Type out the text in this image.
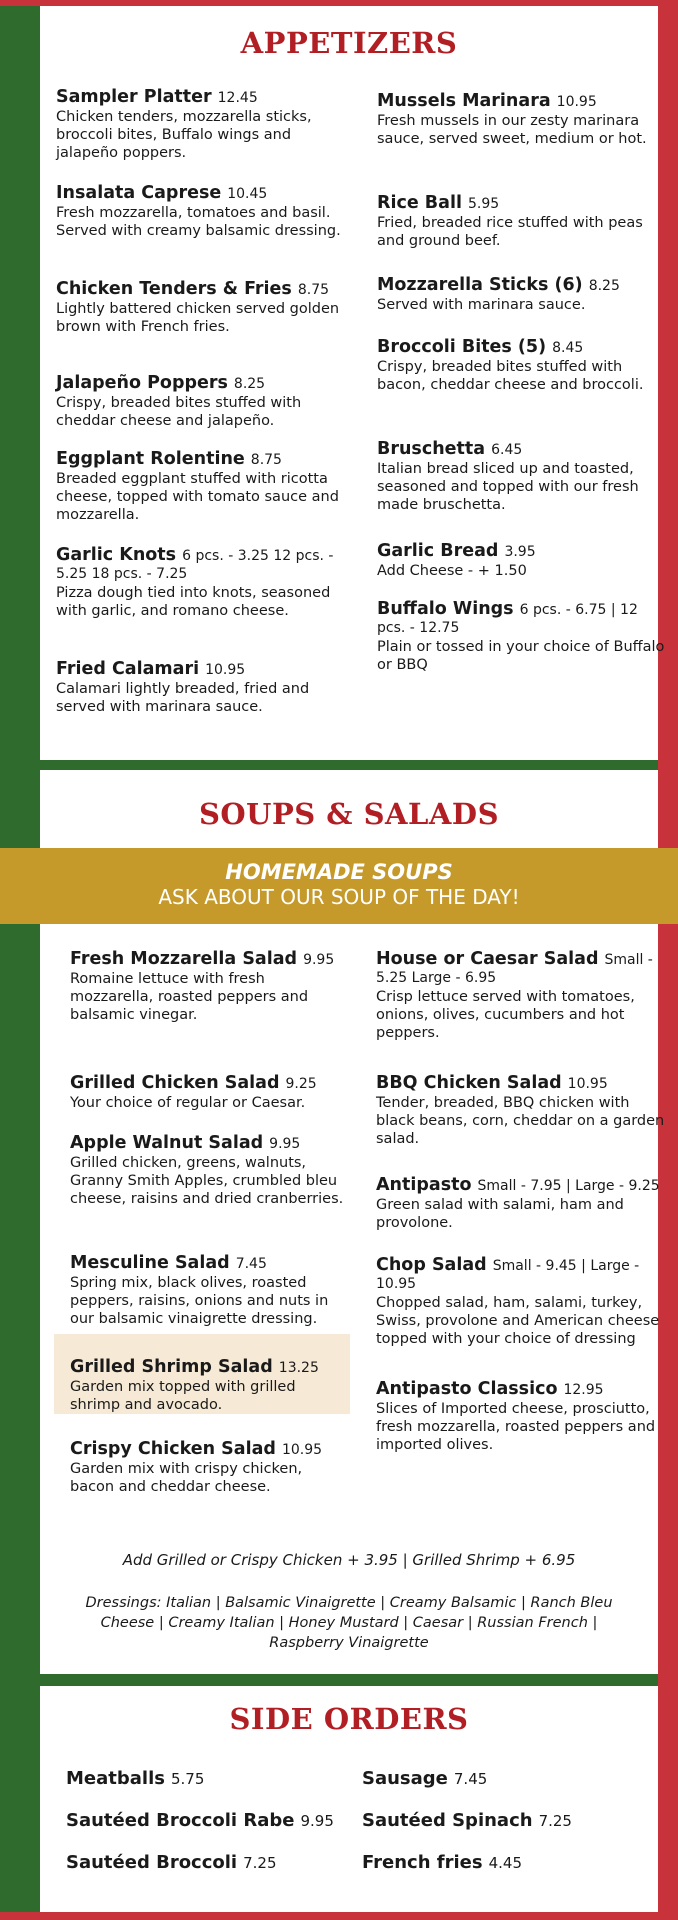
APPETIZERS
Sampler Platter 12.45
Chicken tenders, mozzarella sticks, broccoli bites, Buffalo wings and jalapeño poppers.
Insalata Caprese 10.45
Fresh mozzarella, tomatoes and basil. Served with creamy balsamic dressing.
Chicken Tenders & Fries 8.75
Lightly battered chicken served golden brown with French fries.
Jalapeño Poppers 8.25
Crispy, breaded bites stuffed with cheddar cheese and jalapeño.
Eggplant Rolentine 8.75
Breaded eggplant stuffed with ricotta cheese, topped with tomato sauce and mozzarella.
Garlic Knots 6 pcs. - 3.25 12 pcs. - 5.25 18 pcs. - 7.25
Pizza dough tied into knots, seasoned with garlic, and romano cheese.
Fried Calamari 10.95
Calamari lightly breaded, fried and served with marinara sauce.
Mussels Marinara 10.95
Fresh mussels in our zesty marinara sauce, served sweet, medium or hot.
Rice Ball 5.95
Fried, breaded rice stuffed with peas and ground beef.
Mozzarella Sticks (6) 8.25
Served with marinara sauce.
Broccoli Bites (5) 8.45
Crispy, breaded bites stuffed with bacon, cheddar cheese and broccoli.
Bruschetta 6.45
Italian bread sliced up and toasted, seasoned and topped with our fresh made bruschetta.
Garlic Bread 3.95
Add Cheese - + 1.50
Buffalo Wings 6 pcs. - 6.75 | 12 pcs. - 12.75
Plain or tossed in your choice of Buffalo or BBQ
SOUPS & SALADS
HOMEMADE SOUPS
ASK ABOUT OUR SOUP OF THE DAY!
Fresh Mozzarella Salad 9.95
Romaine lettuce with fresh mozzarella, roasted peppers and balsamic vinegar.
Grilled Chicken Salad 9.25
Your choice of regular or Caesar.
Apple Walnut Salad 9.95
Grilled chicken, greens, walnuts, Granny Smith Apples, crumbled bleu cheese, raisins and dried cranberries.
Mesculine Salad 7.45
Spring mix, black olives, roasted peppers, raisins, onions and nuts in our balsamic vinaigrette dressing.
Grilled Shrimp Salad 13.25
Garden mix topped with grilled shrimp and avocado.
Crispy Chicken Salad 10.95
Garden mix with crispy chicken, bacon and cheddar cheese.
House or Caesar Salad Small - 5.25 Large - 6.95
Crisp lettuce served with tomatoes, onions, olives, cucumbers and hot peppers.
BBQ Chicken Salad 10.95
Tender, breaded, BBQ chicken with black beans, corn, cheddar on a garden salad.
Antipasto Small - 7.95 | Large - 9.25
Green salad with salami, ham and provolone.
Chop Salad Small - 9.45 | Large - 10.95
Chopped salad, ham, salami, turkey, Swiss, provolone and American cheese topped with your choice of dressing
Antipasto Classico 12.95
Slices of Imported cheese, prosciutto, fresh mozzarella, roasted peppers and imported olives.
Add Grilled or Crispy Chicken + 3.95 | Grilled Shrimp + 6.95
Dressings: Italian | Balsamic Vinaigrette | Creamy Balsamic | Ranch Bleu Cheese | Creamy Italian | Honey Mustard | Caesar | Russian French | Raspberry Vinaigrette
SIDE ORDERS
Meatballs 5.75	Sausage 7.45
Sautéed Broccoli Rabe 9.95 Sautéed Spinach 7.25
Sautéed Broccoli 7.25	French fries 4.45
